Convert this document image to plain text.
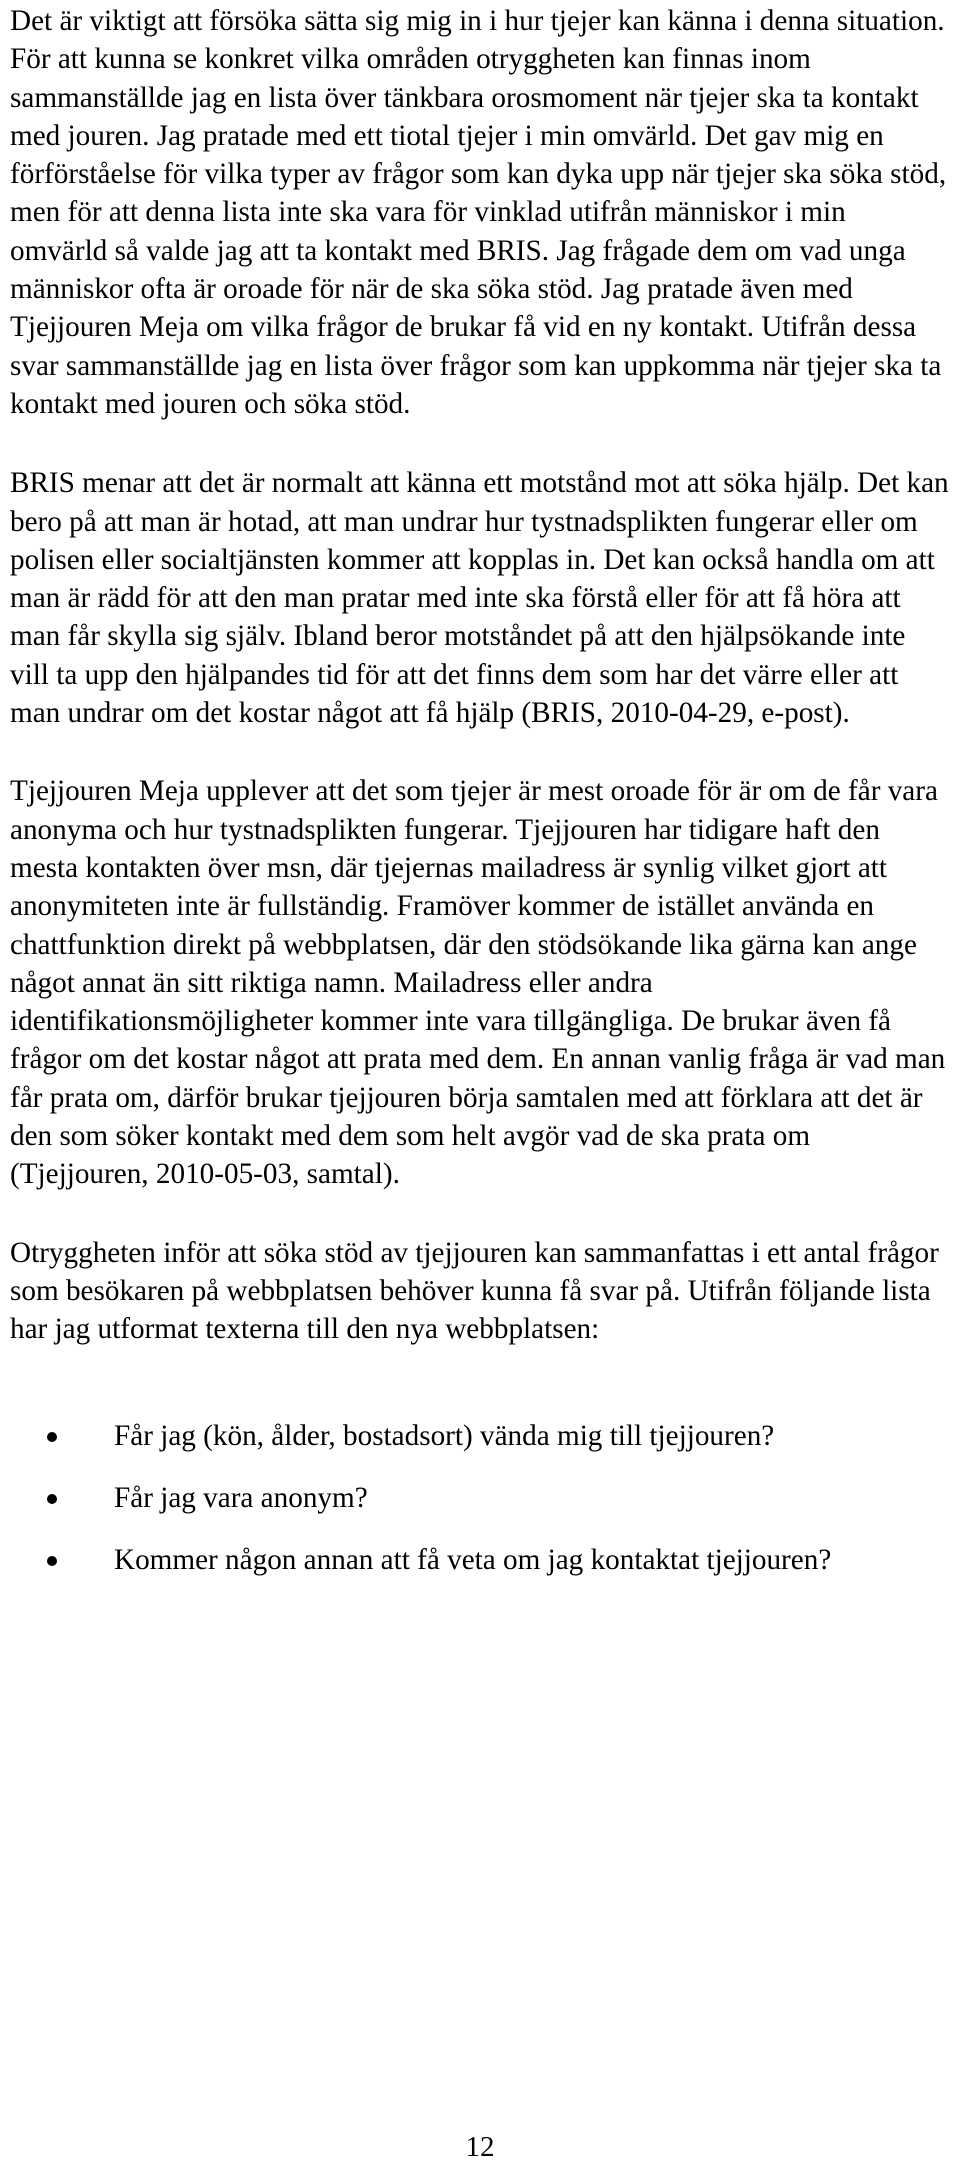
Det är viktigt att försöka sätta sig mig in i hur tjejer kan känna i denna situation. För att kunna se konkret vilka områden otryggheten kan finnas inom sammanställde jag en lista över tänkbara orosmoment när tjejer ska ta kontakt med jouren. Jag pratade med ett tiotal tjejer i min omvärld. Det gav mig en förförståelse för vilka typer av frågor som kan dyka upp när tjejer ska söka stöd, men för att denna lista inte ska vara för vinklad utifrån människor i min omvärld så valde jag att ta kontakt med BRIS. Jag frågade dem om vad unga människor ofta är oroade för när de ska söka stöd. Jag pratade även med Tjejjouren Meja om vilka frågor de brukar få vid en ny kontakt. Utifrån dessa svar sammanställde jag en lista över frågor som kan uppkomma när tjejer ska ta kontakt med jouren och söka stöd.

BRIS menar att det är normalt att känna ett motstånd mot att söka hjälp. Det kan bero på att man är hotad, att man undrar hur tystnadsplikten fungerar eller om polisen eller socialtjänsten kommer att kopplas in. Det kan också handla om att man är rädd för att den man pratar med inte ska förstå eller för att få höra att man får skylla sig själv. Ibland beror motståndet på att den hjälpsökande inte vill ta upp den hjälpandes tid för att det finns dem som har det värre eller att man undrar om det kostar något att få hjälp (BRIS, 2010-04-29, e-post).

Tjejjouren Meja upplever att det som tjejer är mest oroade för är om de får vara anonyma och hur tystnadsplikten fungerar. Tjejjouren har tidigare haft den mesta kontakten över msn, där tjejernas mailadress är synlig vilket gjort att anonymiteten inte är fullständig. Framöver kommer de istället använda en chattfunktion direkt på webbplatsen, där den stödsökande lika gärna kan ange något annat än sitt riktiga namn. Mailadress eller andra identifikationsmöjligheter kommer inte vara tillgängliga. De brukar även få frågor om det kostar något att prata med dem. En annan vanlig fråga är vad man får prata om, därför brukar tjejjouren börja samtalen med att förklara att det är den som söker kontakt med dem som helt avgör vad de ska prata om (Tjejjouren, 2010-05-03, samtal).

Otryggheten inför att söka stöd av tjejjouren kan sammanfattas i ett antal frågor som besökaren på webbplatsen behöver kunna få svar på. Utifrån följande lista har jag utformat texterna till den nya webbplatsen:

Får jag (kön, ålder, bostadsort) vända mig till tjejjouren?
Får jag vara anonym?
Kommer någon annan att få veta om jag kontaktat tjejjouren?
12
